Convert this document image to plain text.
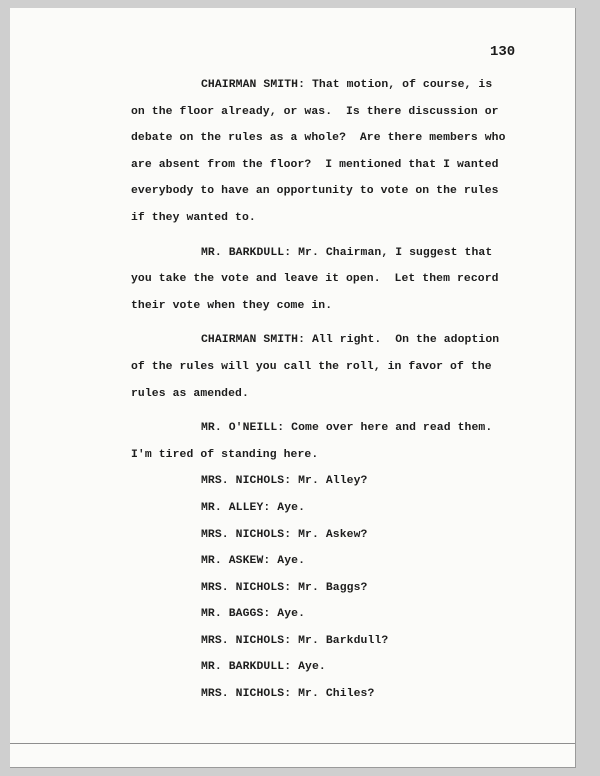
130
CHAIRMAN SMITH: That motion, of course, is
on the floor already, or was.  Is there discussion or
debate on the rules as a whole?  Are there members who
are absent from the floor?  I mentioned that I wanted
everybody to have an opportunity to vote on the rules
if they wanted to.
MR. BARKDULL: Mr. Chairman, I suggest that
you take the vote and leave it open.  Let them record
their vote when they come in.
CHAIRMAN SMITH: All right.  On the adoption
of the rules will you call the roll, in favor of the
rules as amended.
MR. O'NEILL: Come over here and read them.
I'm tired of standing here.
MRS. NICHOLS: Mr. Alley?
MR. ALLEY: Aye.
MRS. NICHOLS: Mr. Askew?
MR. ASKEW: Aye.
MRS. NICHOLS: Mr. Baggs?
MR. BAGGS: Aye.
MRS. NICHOLS: Mr. Barkdull?
MR. BARKDULL: Aye.
MRS. NICHOLS: Mr. Chiles?
